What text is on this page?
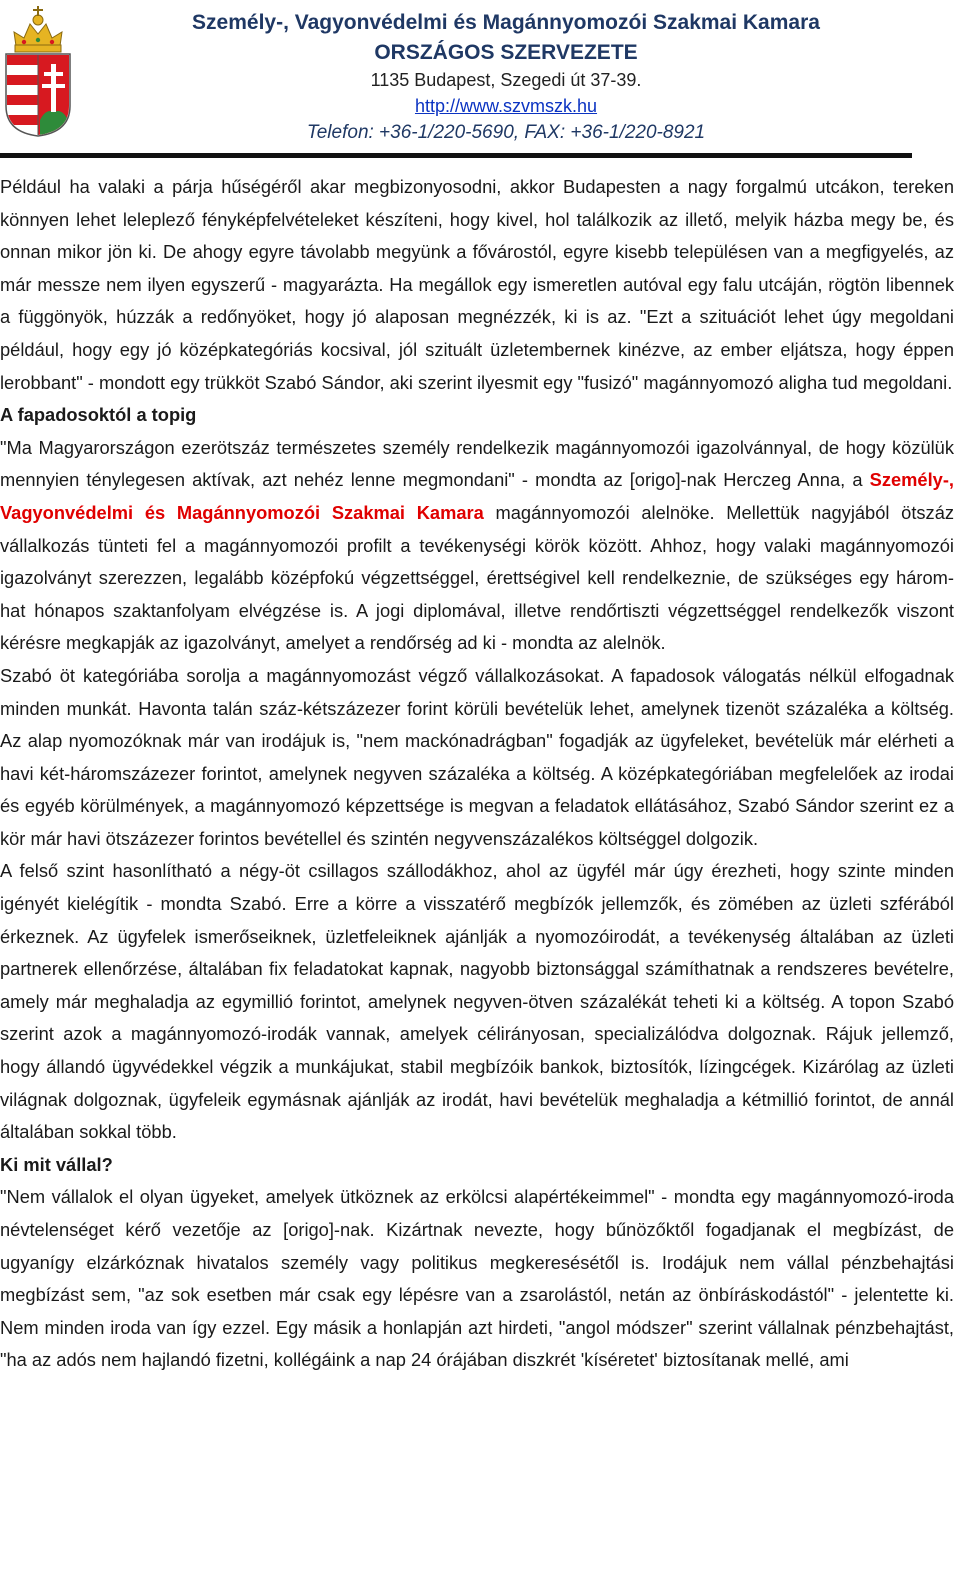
Személy-, Vagyonvédelmi és Magánnyomozói Szakmai Kamara
ORSZÁGOS SZERVEZETE
1135 Budapest, Szegedi út 37-39.
http://www.szvmszk.hu
Telefon: +36-1/220-5690, FAX: +36-1/220-8921

Például ha valaki a párja hűségéről akar megbizonyosodni, akkor Budapesten a nagy forgalmú utcákon, tereken könnyen lehet leleplező fényképfelvételeket készíteni, hogy kivel, hol találkozik az illető, melyik házba megy be, és onnan mikor jön ki. De ahogy egyre távolabb megyünk a fővárostól, egyre kisebb településen van a megfigyelés, az már messze nem ilyen egyszerű - magyarázta. Ha megállok egy ismeretlen autóval egy falu utcáján, rögtön libennek a függönyök, húzzák a redőnyöket, hogy jó alaposan megnézzék, ki is az. "Ezt a szituációt lehet úgy megoldani például, hogy egy jó középkategóriás kocsival, jól szituált üzletembernek kinézve, az ember eljátsza, hogy éppen lerobbant" - mondott egy trükköt Szabó Sándor, aki szerint ilyesmit egy "fusizó" magánnyomozó aligha tud megoldani.

A fapadosoktól a topig

"Ma Magyarországon ezerötszáz természetes személy rendelkezik magánnyomozói igazolvánnyal, de hogy közülük mennyien ténylegesen aktívak, azt nehéz lenne megmondani" - mondta az [origo]-nak Herczeg Anna, a Személy-, Vagyonvédelmi és Magánnyomozói Szakmai Kamara magánnyomozói alelnöke. Mellettük nagyjából ötszáz vállalkozás tünteti fel a magánnyomozói profilt a tevékenységi körök között. Ahhoz, hogy valaki magánnyomozói igazolványt szerezzen, legalább középfokú végzettséggel, érettségivel kell rendelkeznie, de szükséges egy három-hat hónapos szaktanfolyam elvégzése is. A jogi diplomával, illetve rendőrtiszti végzettséggel rendelkezők viszont kérésre megkapják az igazolványt, amelyet a rendőrség ad ki - mondta az alelnök.

Szabó öt kategóriába sorolja a magánnyomozást végző vállalkozásokat. A fapadosok válogatás nélkül elfogadnak minden munkát. Havonta talán száz-kétszázezer forint körüli bevételük lehet, amelynek tizenöt százaléka a költség. Az alap nyomozóknak már van irodájuk is, "nem mackónadrágban" fogadják az ügyfeleket, bevételük már elérheti a havi két-háromszázezer forintot, amelynek negyven százaléka a költség. A középkategóriában megfelelőek az irodai és egyéb körülmények, a magánnyomozó képzettsége is megvan a feladatok ellátásához, Szabó Sándor szerint ez a kör már havi ötszázezer forintos bevétellel és szintén negyvenszázalékos költséggel dolgozik.

A felső szint hasonlítható a négy-öt csillagos szállodákhoz, ahol az ügyfél már úgy érezheti, hogy szinte minden igényét kielégítik - mondta Szabó. Erre a körre a visszatérő megbízók jellemzők, és zömében az üzleti szférából érkeznek. Az ügyfelek ismerőseiknek, üzletfeleiknek ajánlják a nyomozóirodát, a tevékenység általában az üzleti partnerek ellenőrzése, általában fix feladatokat kapnak, nagyobb biztonsággal számíthatnak a rendszeres bevételre, amely már meghaladja az egymillió forintot, amelynek negyven-ötven százalékát teheti ki a költség. A topon Szabó szerint azok a magánnyomozó-irodák vannak, amelyek célirányosan, specializálódva dolgoznak. Rájuk jellemző, hogy állandó ügyvédekkel végzik a munkájukat, stabil megbízóik bankok, biztosítók, lízingcégek. Kizárólag az üzleti világnak dolgoznak, ügyfeleik egymásnak ajánlják az irodát, havi bevételük meghaladja a kétmillió forintot, de annál általában sokkal több.

Ki mit vállal?

"Nem vállalok el olyan ügyeket, amelyek ütköznek az erkölcsi alapértékeimmel" - mondta egy magánnyomozó-iroda névtelenséget kérő vezetője az [origo]-nak. Kizártnak nevezte, hogy bűnözőktől fogadjanak el megbízást, de ugyanígy elzárkóznak hivatalos személy vagy politikus megkeresésétől is. Irodájuk nem vállal pénzbehajtási megbízást sem, "az sok esetben már csak egy lépésre van a zsarolástól, netán az önbíráskodástól" - jelentette ki. Nem minden iroda van így ezzel. Egy másik a honlapján azt hirdeti, "angol módszer" szerint vállalnak pénzbehajtást, "ha az adós nem hajlandó fizetni, kollégáink a nap 24 órájában diszkrét 'kíséretet' biztosítanak mellé, ami
